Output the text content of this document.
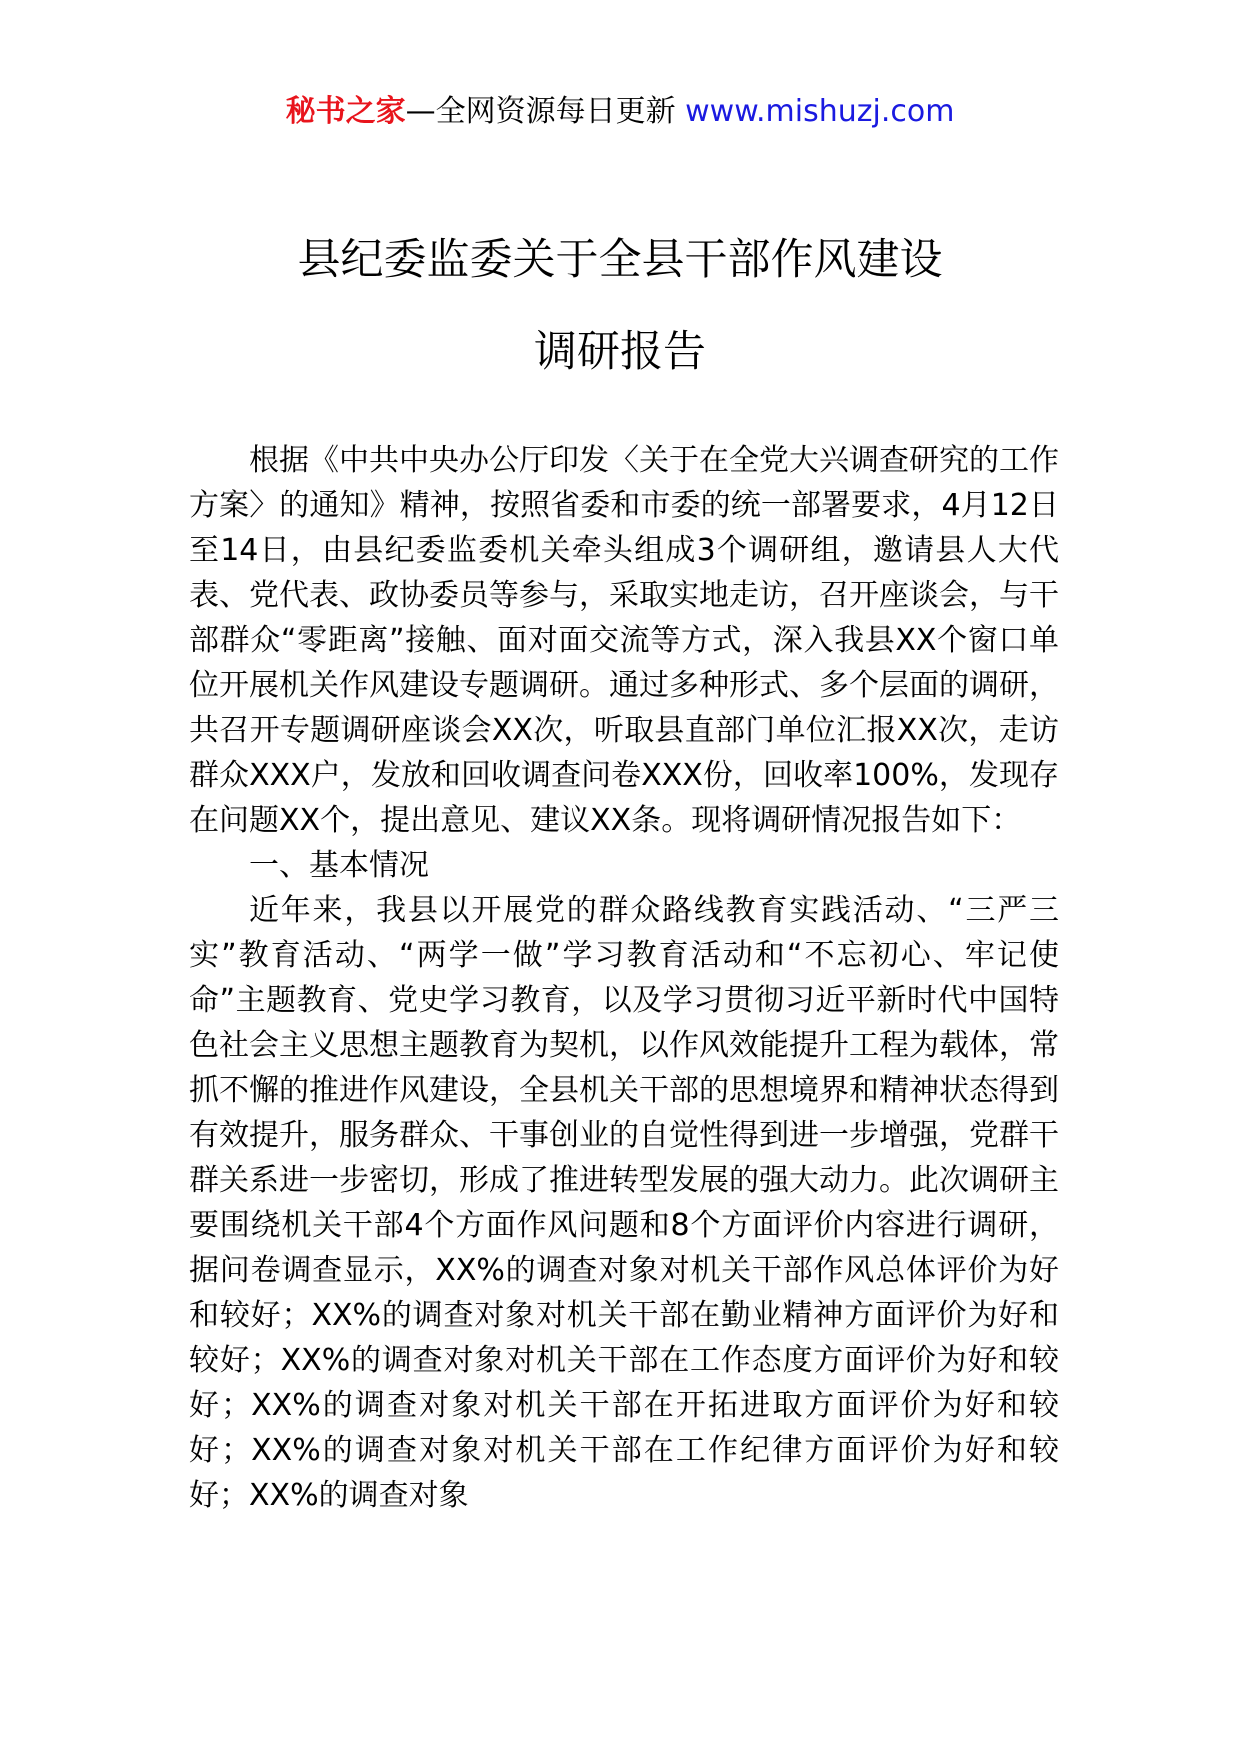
秘书之家—全网资源每日更新 www.mishuzj.com
县纪委监委关于全县干部作风建设
调研报告

根据《中共中央办公厅印发〈关于在全党大兴调查研究的工作方案〉的通知》精神，按照省委和市委的统一部署要求，4月12日至14日，由县纪委监委机关牵头组成3个调研组，邀请县人大代表、党代表、政协委员等参与，采取实地走访，召开座谈会，与干部群众“零距离”接触、面对面交流等方式，深入我县XX个窗口单位开展机关作风建设专题调研。通过多种形式、多个层面的调研，共召开专题调研座谈会XX次，听取县直部门单位汇报XX次，走访群众XXX户，发放和回收调查问卷XXX份，回收率100%，发现存在问题XX个，提出意见、建议XX条。现将调研情况报告如下：

一、基本情况

近年来，我县以开展党的群众路线教育实践活动、“三严三实”教育活动、“两学一做”学习教育活动和“不忘初心、牢记使命”主题教育、党史学习教育，以及学习贯彻习近平新时代中国特色社会主义思想主题教育为契机，以作风效能提升工程为载体，常抓不懈的推进作风建设，全县机关干部的思想境界和精神状态得到有效提升，服务群众、干事创业的自觉性得到进一步增强，党群干群关系进一步密切，形成了推进转型发展的强大动力。此次调研主要围绕机关干部4个方面作风问题和8个方面评价内容进行调研，据问卷调查显示，XX%的调查对象对机关干部作风总体评价为好和较好；XX%的调查对象对机关干部在勤业精神方面评价为好和较好；XX%的调查对象对机关干部在工作态度方面评价为好和较好；XX%的调查对象对机关干部在开拓进取方面评价为好和较好；XX%的调查对象对机关干部在工作纪律方面评价为好和较好；XX%的调查对象
